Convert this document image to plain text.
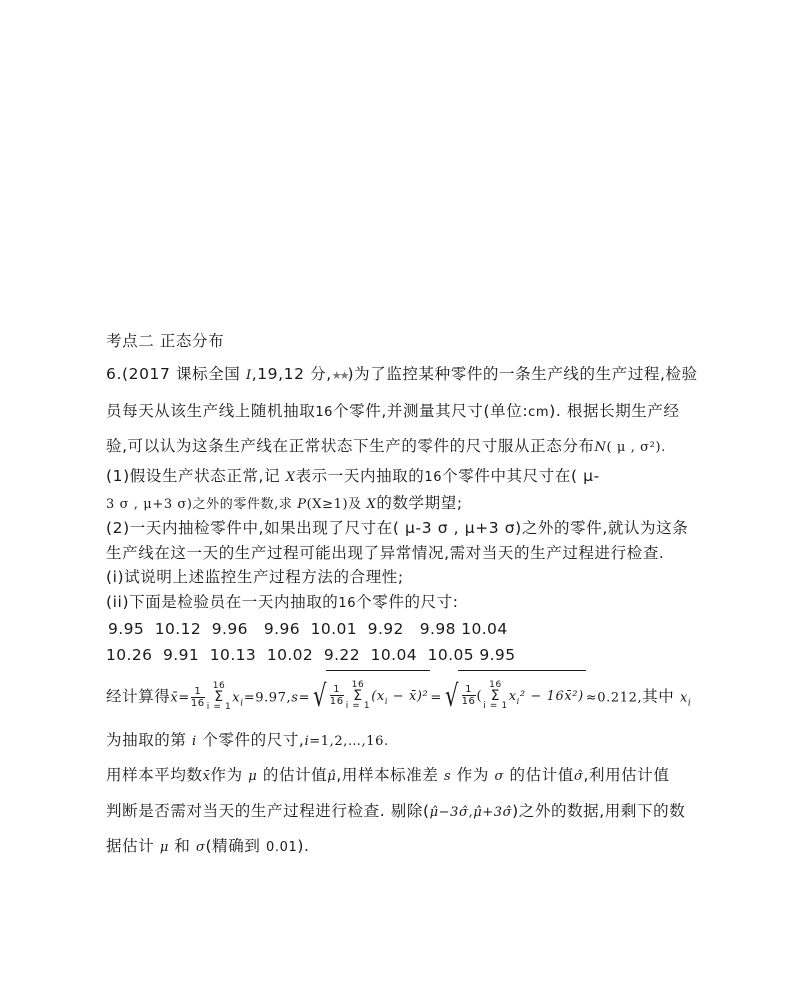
考点二 正态分布
6.(2017 课标全国 I,19,12 分,★★)为了监控某种零件的一条生产线的生产过程,检验
员每天从该生产线上随机抽取16个零件,并测量其尺寸(单位:cm). 根据长期生产经
验,可以认为这条生产线在正常状态下生产的零件的尺寸服从正态分布N( μ , σ²).
(1)假设生产状态正常,记 X表示一天内抽取的16个零件中其尺寸在( μ-
3 σ , μ+3 σ)之外的零件数,求 P(X≥1)及 X的数学期望;
(2)一天内抽检零件中,如果出现了尺寸在( μ-3 σ , μ+3 σ)之外的零件,就认为这条
生产线在这一天的生产过程可能出现了异常情况,需对当天的生产过程进行检查.
(i)试说明上述监控生产过程方法的合理性;
(ii)下面是检验员在一天内抽取的16个零件的尺寸:
9.95  10.12  9.96   9.96  10.01  9.92   9.98 10.04
10.26  9.91  10.13  10.02  9.22  10.04  10.05 9.95
经计算得x̄= $\frac{1}{16} 16$
Σ
$i = 1x_i=9.97,s=√ \frac{1}{16} 16$
Σ
$i = 1(x_i$ − x̄)² =√ $\frac{1}{16} (16$
Σ
$i = 1x_i^2$ − 16x̄²) ≈0.212,其中 $x_i$
为抽取的第 i 个零件的尺寸,i=1,2,…,16.
用样本平均数x̄作为 μ 的估计值μ̂,用样本标准差 s 作为 σ 的估计值σ̂,利用估计值
判断是否需对当天的生产过程进行检查. 剔除(μ̂−3σ̂,μ̂+3σ̂)之外的数据,用剩下的数
据估计 μ 和 σ(精确到 0.01).
